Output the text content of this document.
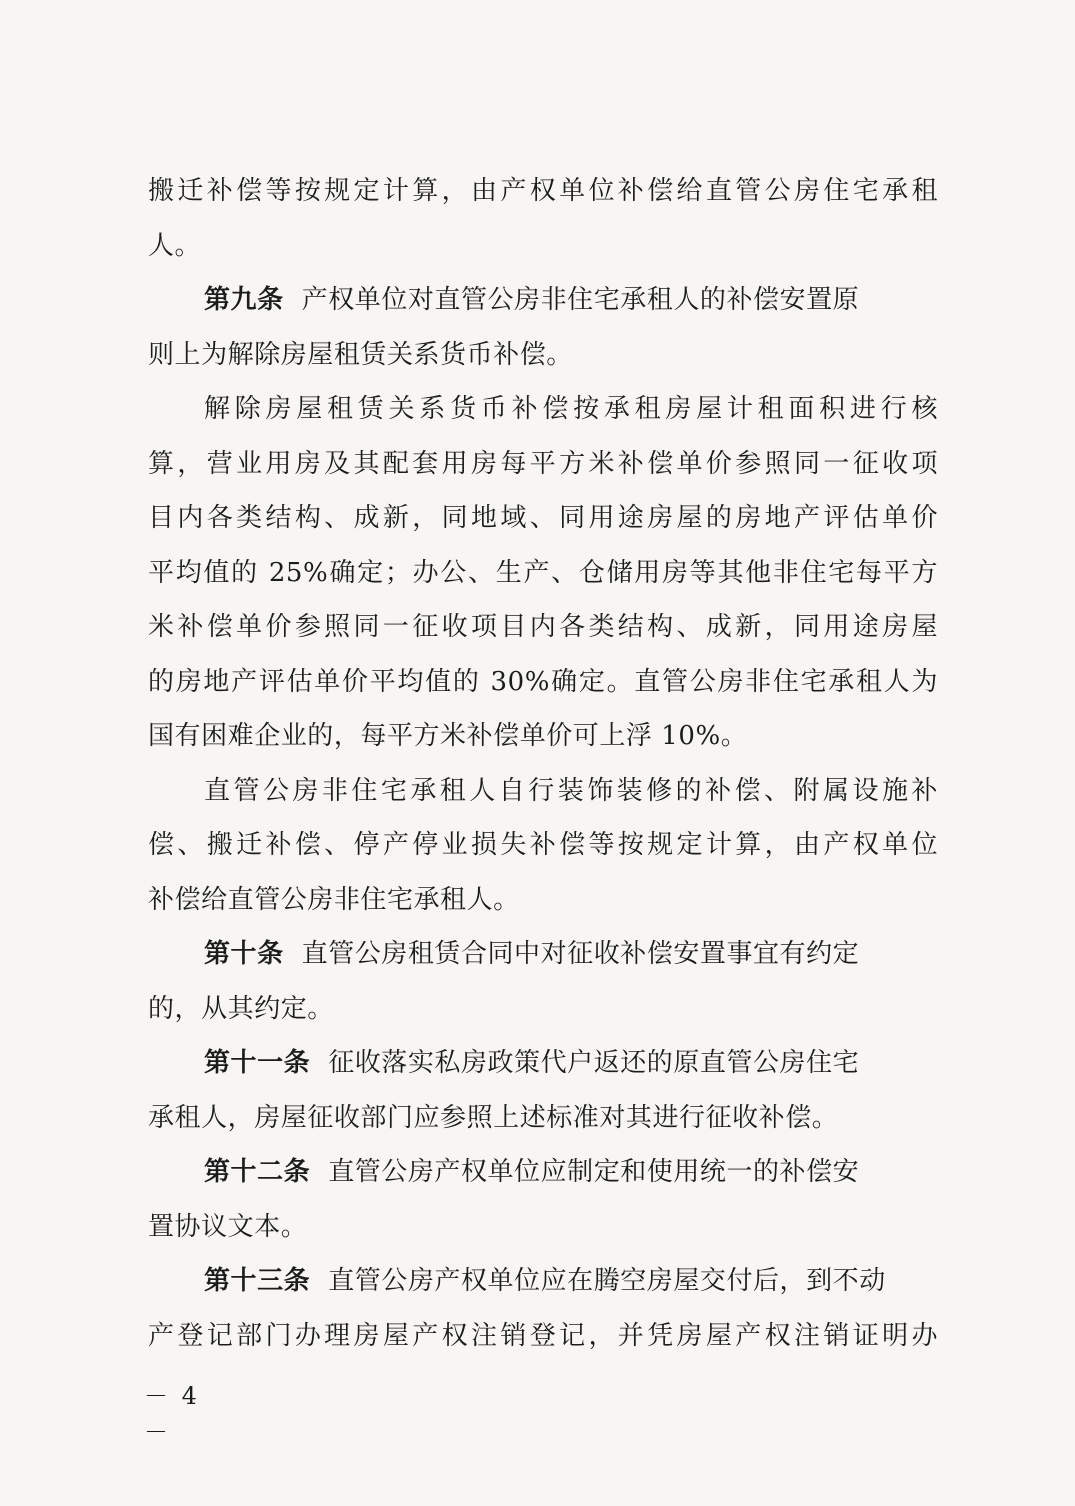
搬迁补偿等按规定计算，由产权单位补偿给直管公房住宅承租
人。
第九条 产权单位对直管公房非住宅承租人的补偿安置原
则上为解除房屋租赁关系货币补偿。
解除房屋租赁关系货币补偿按承租房屋计租面积进行核
算，营业用房及其配套用房每平方米补偿单价参照同一征收项
目内各类结构、成新，同地域、同用途房屋的房地产评估单价
平均值的 25%确定；办公、生产、仓储用房等其他非住宅每平方
米补偿单价参照同一征收项目内各类结构、成新，同用途房屋
的房地产评估单价平均值的 30%确定。直管公房非住宅承租人为
国有困难企业的，每平方米补偿单价可上浮 10%。
直管公房非住宅承租人自行装饰装修的补偿、附属设施补
偿、搬迁补偿、停产停业损失补偿等按规定计算，由产权单位
补偿给直管公房非住宅承租人。
第十条 直管公房租赁合同中对征收补偿安置事宜有约定
的，从其约定。
第十一条 征收落实私房政策代户返还的原直管公房住宅
承租人，房屋征收部门应参照上述标准对其进行征收补偿。
第十二条 直管公房产权单位应制定和使用统一的补偿安
置协议文本。
第十三条 直管公房产权单位应在腾空房屋交付后，到不动
产登记部门办理房屋产权注销登记，并凭房屋产权注销证明办
－ 4 －
